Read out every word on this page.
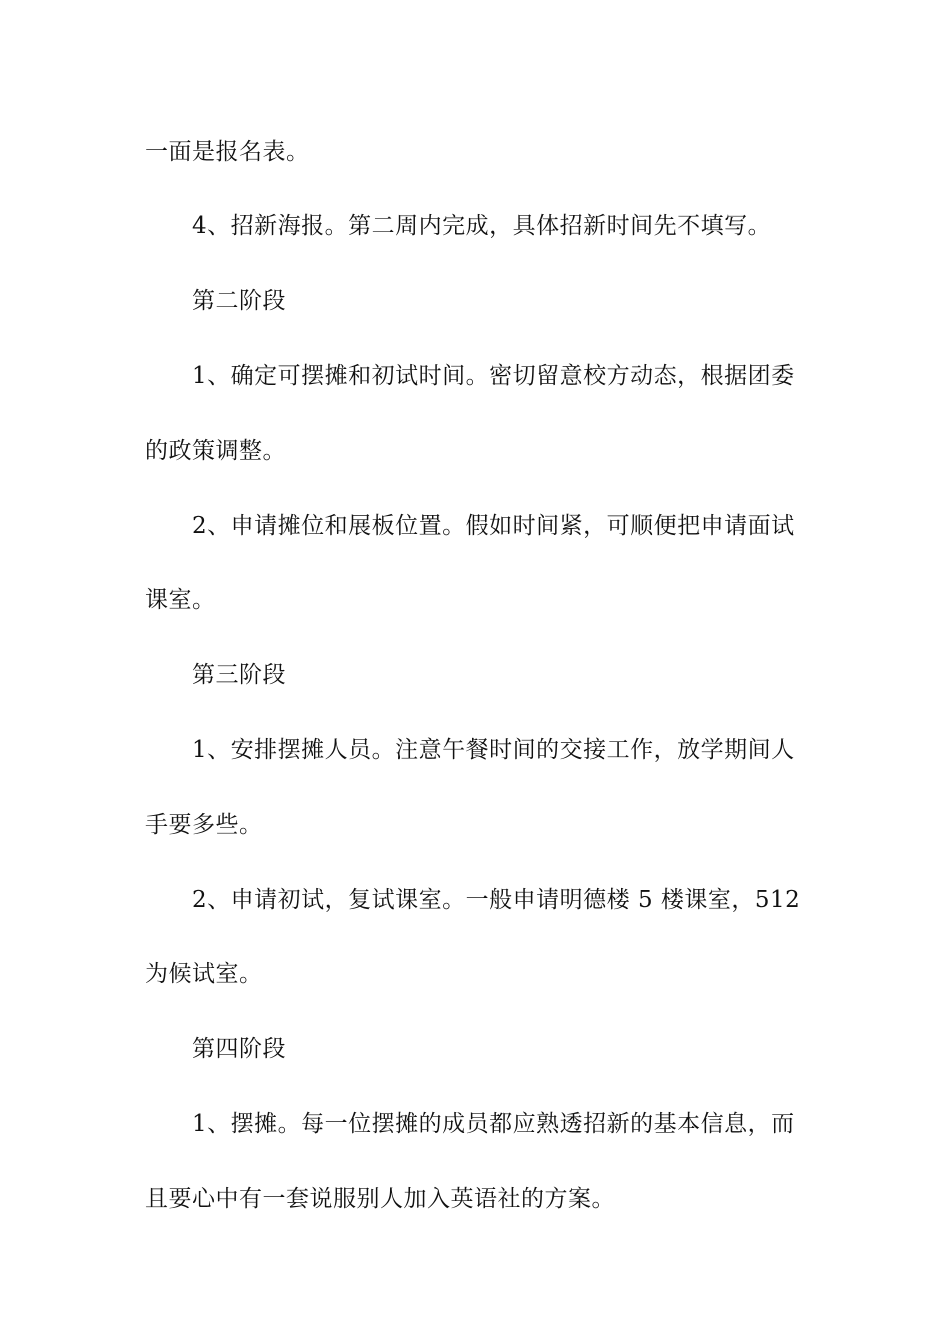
一面是报名表。
4、招新海报。第二周内完成，具体招新时间先不填写。
第二阶段
1、确定可摆摊和初试时间。密切留意校方动态，根据团委
的政策调整。
2、申请摊位和展板位置。假如时间紧，可顺便把申请面试
课室。
第三阶段
1、安排摆摊人员。注意午餐时间的交接工作，放学期间人
手要多些。
2、申请初试，复试课室。一般申请明德楼 5 楼课室，512
为候试室。
第四阶段
1、摆摊。每一位摆摊的成员都应熟透招新的基本信息，而
且要心中有一套说服别人加入英语社的方案。
